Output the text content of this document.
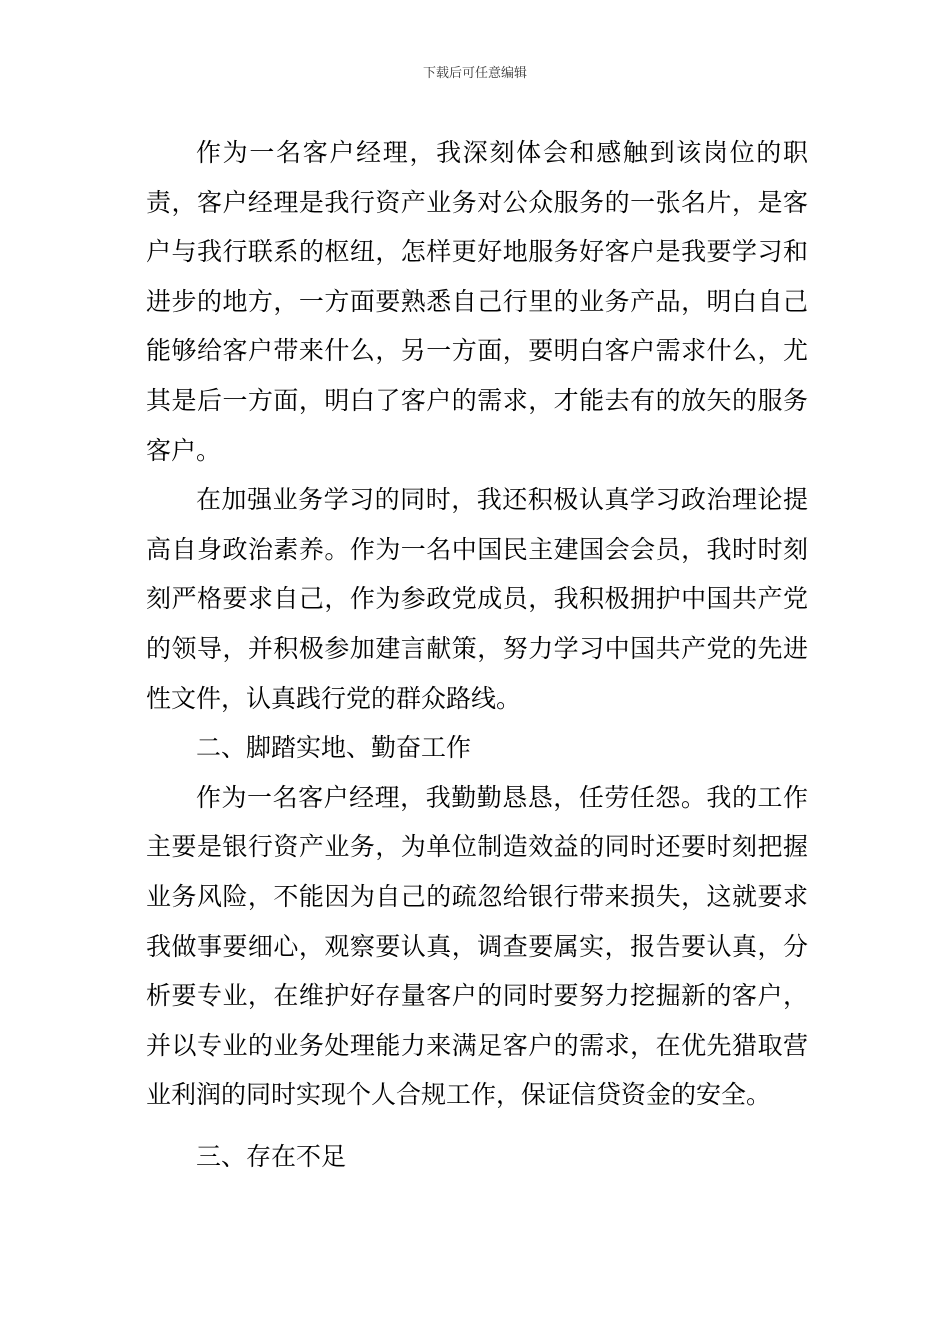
下载后可任意编辑

作为一名客户经理，我深刻体会和感触到该岗位的职责，客户经理是我行资产业务对公众服务的一张名片，是客户与我行联系的枢纽，怎样更好地服务好客户是我要学习和进步的地方，一方面要熟悉自己行里的业务产品，明白自己能够给客户带来什么，另一方面，要明白客户需求什么，尤其是后一方面，明白了客户的需求，才能去有的放矢的服务客户。

在加强业务学习的同时，我还积极认真学习政治理论提高自身政治素养。作为一名中国民主建国会会员，我时时刻刻严格要求自己，作为参政党成员，我积极拥护中国共产党的领导，并积极参加建言献策，努力学习中国共产党的先进性文件，认真践行党的群众路线。

二、脚踏实地、勤奋工作

作为一名客户经理，我勤勤恳恳，任劳任怨。我的工作主要是银行资产业务，为单位制造效益的同时还要时刻把握业务风险，不能因为自己的疏忽给银行带来损失，这就要求我做事要细心，观察要认真，调查要属实，报告要认真，分析要专业，在维护好存量客户的同时要努力挖掘新的客户，并以专业的业务处理能力来满足客户的需求，在优先猎取营业利润的同时实现个人合规工作，保证信贷资金的安全。

三、存在不足
